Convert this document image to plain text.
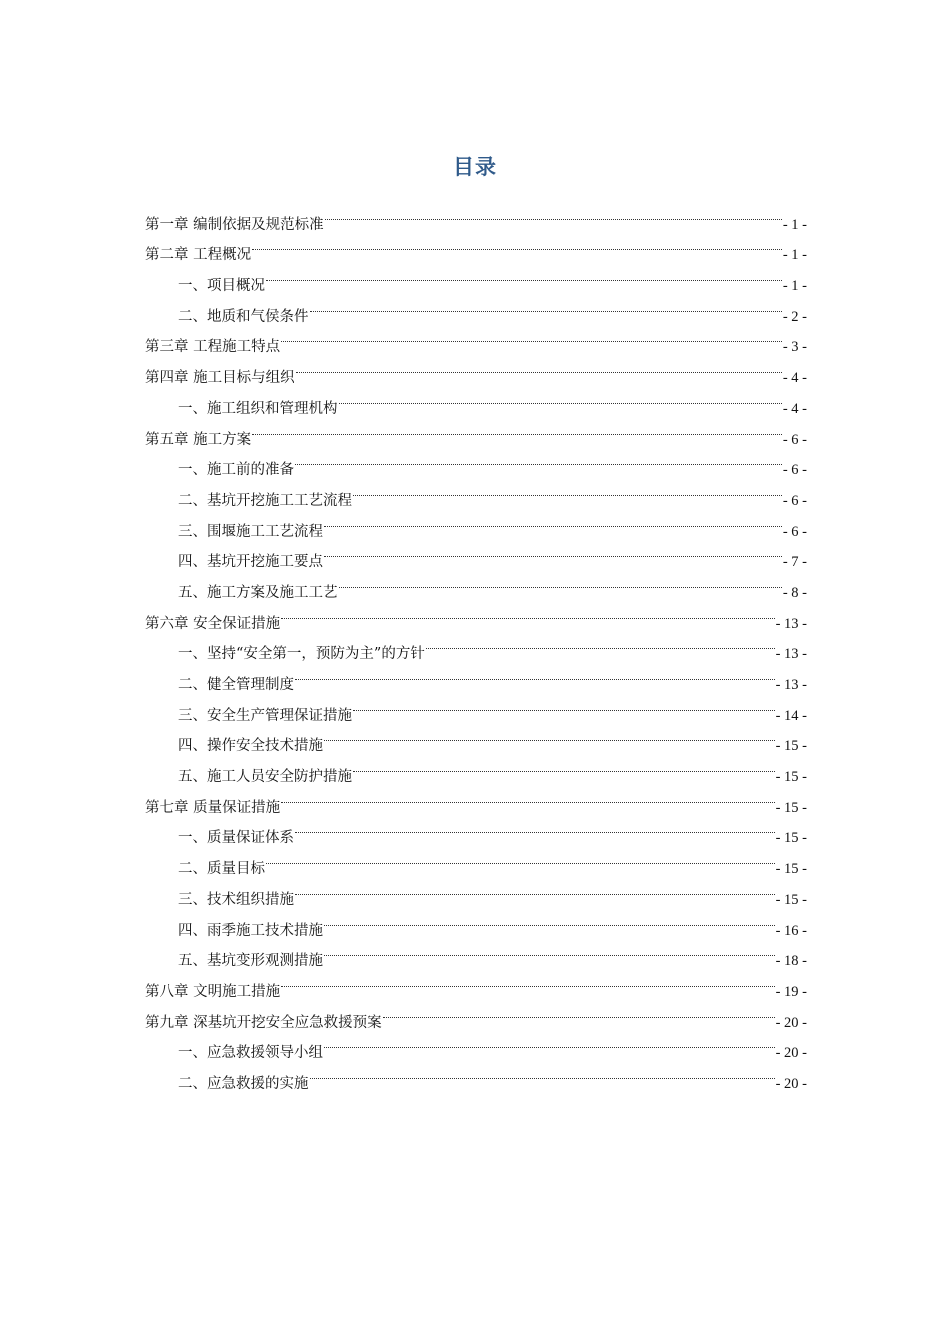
目录
第一章 编制依据及规范标准	- 1 -
第二章 工程概况	- 1 -
一、项目概况	- 1 -
二、地质和气侯条件	- 2 -
第三章 工程施工特点	- 3 -
第四章 施工目标与组织	- 4 -
一、施工组织和管理机构	- 4 -
第五章 施工方案	- 6 -
一、施工前的准备	- 6 -
二、基坑开挖施工工艺流程	- 6 -
三、围堰施工工艺流程	- 6 -
四、基坑开挖施工要点	- 7 -
五、施工方案及施工工艺	- 8 -
第六章 安全保证措施	- 13 -
一、坚持“安全第一，预防为主”的方针	- 13 -
二、健全管理制度	- 13 -
三、安全生产管理保证措施	- 14 -
四、操作安全技术措施	- 15 -
五、施工人员安全防护措施	- 15 -
第七章 质量保证措施	- 15 -
一、质量保证体系	- 15 -
二、质量目标	- 15 -
三、技术组织措施	- 15 -
四、雨季施工技术措施	- 16 -
五、基坑变形观测措施	- 18 -
第八章 文明施工措施	- 19 -
第九章 深基坑开挖安全应急救援预案	- 20 -
一、应急救援领导小组	- 20 -
二、应急救援的实施	- 20 -
